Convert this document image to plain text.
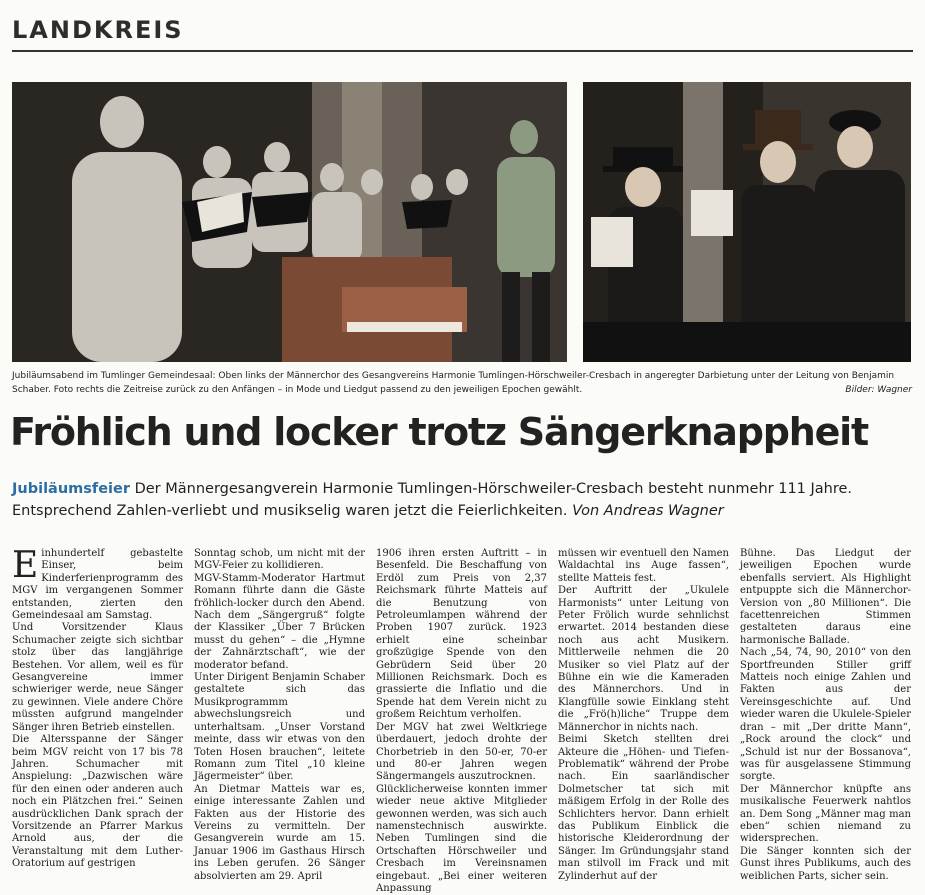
LANDKREIS
Jubiläumsabend im Tumlinger Gemeindesaal: Oben links der Männerchor des Gesangvereins Harmonie Tumlingen-Hörschweiler-Cresbach in angeregter Darbietung unter der Leitung von Benjamin Schaber. Foto rechts die Zeitreise zurück zu den Anfängen – in Mode und Liedgut passend zu den jeweiligen Epochen gewählt.	Bilder: Wagner
Fröhlich und locker trotz Sängerknappheit
Jubiläumsfeier Der Männergesangverein Harmonie Tumlingen-Hörschweiler-Cresbach besteht nunmehr 111 Jahre. Entsprechend Zahlen-verliebt und musikselig waren jetzt die Feierlichkeiten. Von Andreas Wagner

Einhundertelf gebastelte Einser, beim Kinderferienprogramm des MGV im vergangenen Sommer entstanden, zierten den Gemeindesaal am Samstag.

Und Vorsitzender Klaus Schumacher zeigte sich sichtbar stolz über das langjährige Bestehen. Vor allem, weil es für Gesangvereine immer schwieriger werde, neue Sänger zu gewinnen. Viele andere Chöre müssten aufgrund mangelnder Sänger ihren Betrieb einstellen.

Die Altersspanne der Sänger beim MGV reicht von 17 bis 78 Jahren. Schumacher mit Anspielung: „Dazwischen wäre für den einen oder anderen auch noch ein Plätzchen frei.“ Seinen ausdrücklichen Dank sprach der Vorsitzende an Pfarrer Markus Arnold aus, der die Veranstaltung mit dem Luther-Oratorium auf gestrigen

Sonntag schob, um nicht mit der MGV-Feier zu kollidieren.

MGV-Stamm-Moderator Hartmut Romann führte dann die Gäste fröhlich-locker durch den Abend. Nach dem „Sängergruß“ folgte der Klassiker „Über 7 Brücken musst du gehen“ – die „Hymne der Zahnärztschaft“, wie der moderator befand.

Unter Dirigent Benjamin Schaber gestaltete sich das Musikprogrammm abwechslungsreich und unterhaltsam. „Unser Vorstand meinte, dass wir etwas von den Toten Hosen brauchen“, leitete Romann zum Titel „10 kleine Jägermeister“ über.

An Dietmar Matteis war es, einige interessante Zahlen und Fakten aus der Historie des Vereins zu vermitteln. Der Gesangverein wurde am 15. Januar 1906 im Gasthaus Hirsch ins Leben gerufen. 26 Sänger absolvierten am 29. April

1906 ihren ersten Auftritt – in Besenfeld. Die Beschaffung von Erdöl zum Preis von 2,37 Reichsmark führte Matteis auf die Benutzung von Petroleumlampen während der Proben 1907 zurück. 1923 erhielt eine scheinbar großzügige Spende von den Gebrüdern Seid über 20 Millionen Reichsmark. Doch es grassierte die Inflatio und die Spende hat dem Verein nicht zu großem Reichtum verholfen.

Der MGV hat zwei Weltkriege überdauert, jedoch drohte der Chorbetrieb in den 50-er, 70-er und 80-er Jahren wegen Sängermangels auszutrocknen.

Glücklicherweise konnten immer wieder neue aktive Mitglieder gewonnen werden, was sich auch namenstechnisch auswirkte. Neben Tumlingen sind die Ortschaften Hörschweiler und Cresbach im Vereinsnamen eingebaut. „Bei einer weiteren Anpassung

müssen wir eventuell den Namen Waldachtal ins Auge fassen“, stellte Matteis fest.

Der Auftritt der „Ukulele Harmonists“ unter Leitung von Peter Frölich wurde sehnlichst erwartet. 2014 bestanden diese noch aus acht Musikern. Mittlerweile nehmen die 20 Musiker so viel Platz auf der Bühne ein wie die Kameraden des Männerchors. Und in Klangfülle sowie Einklang steht die „Frö(h)liche“ Truppe dem Männerchor in nichts nach.

Beimi Sketch stellten drei Akteure die „Höhen- und Tiefen-Problematik“ während der Probe nach. Ein saarländischer Dolmetscher tat sich mit mäßigem Erfolg in der Rolle des Schlichters hervor. Dann erhielt das Publikum Einblick die historische Kleiderordnung der Sänger. Im Gründungsjahr stand man stilvoll im Frack und mit Zylinderhut auf der

Bühne. Das Liedgut der jeweiligen Epochen wurde ebenfalls serviert. Als Highlight entpuppte sich die Männerchor-Version von „80 Millionen“. Die facettenreichen Stimmen gestalteten daraus eine harmonische Ballade.

Nach „54, 74, 90, 2010“ von den Sportfreunden Stiller griff Matteis noch einige Zahlen und Fakten aus der Vereinsgeschichte auf. Und wieder waren die Ukulele-Spieler dran – mit „Der dritte Mann“, „Rock around the clock“ und „Schuld ist nur der Bossanova“, was für ausgelassene Stimmung sorgte.

Der Männerchor knüpfte ans musikalische Feuerwerk nahtlos an. Dem Song „Männer mag man eben“ schien niemand zu widersprechen.

Die Sänger konnten sich der Gunst ihres Publikums, auch des weiblichen Parts, sicher sein.
